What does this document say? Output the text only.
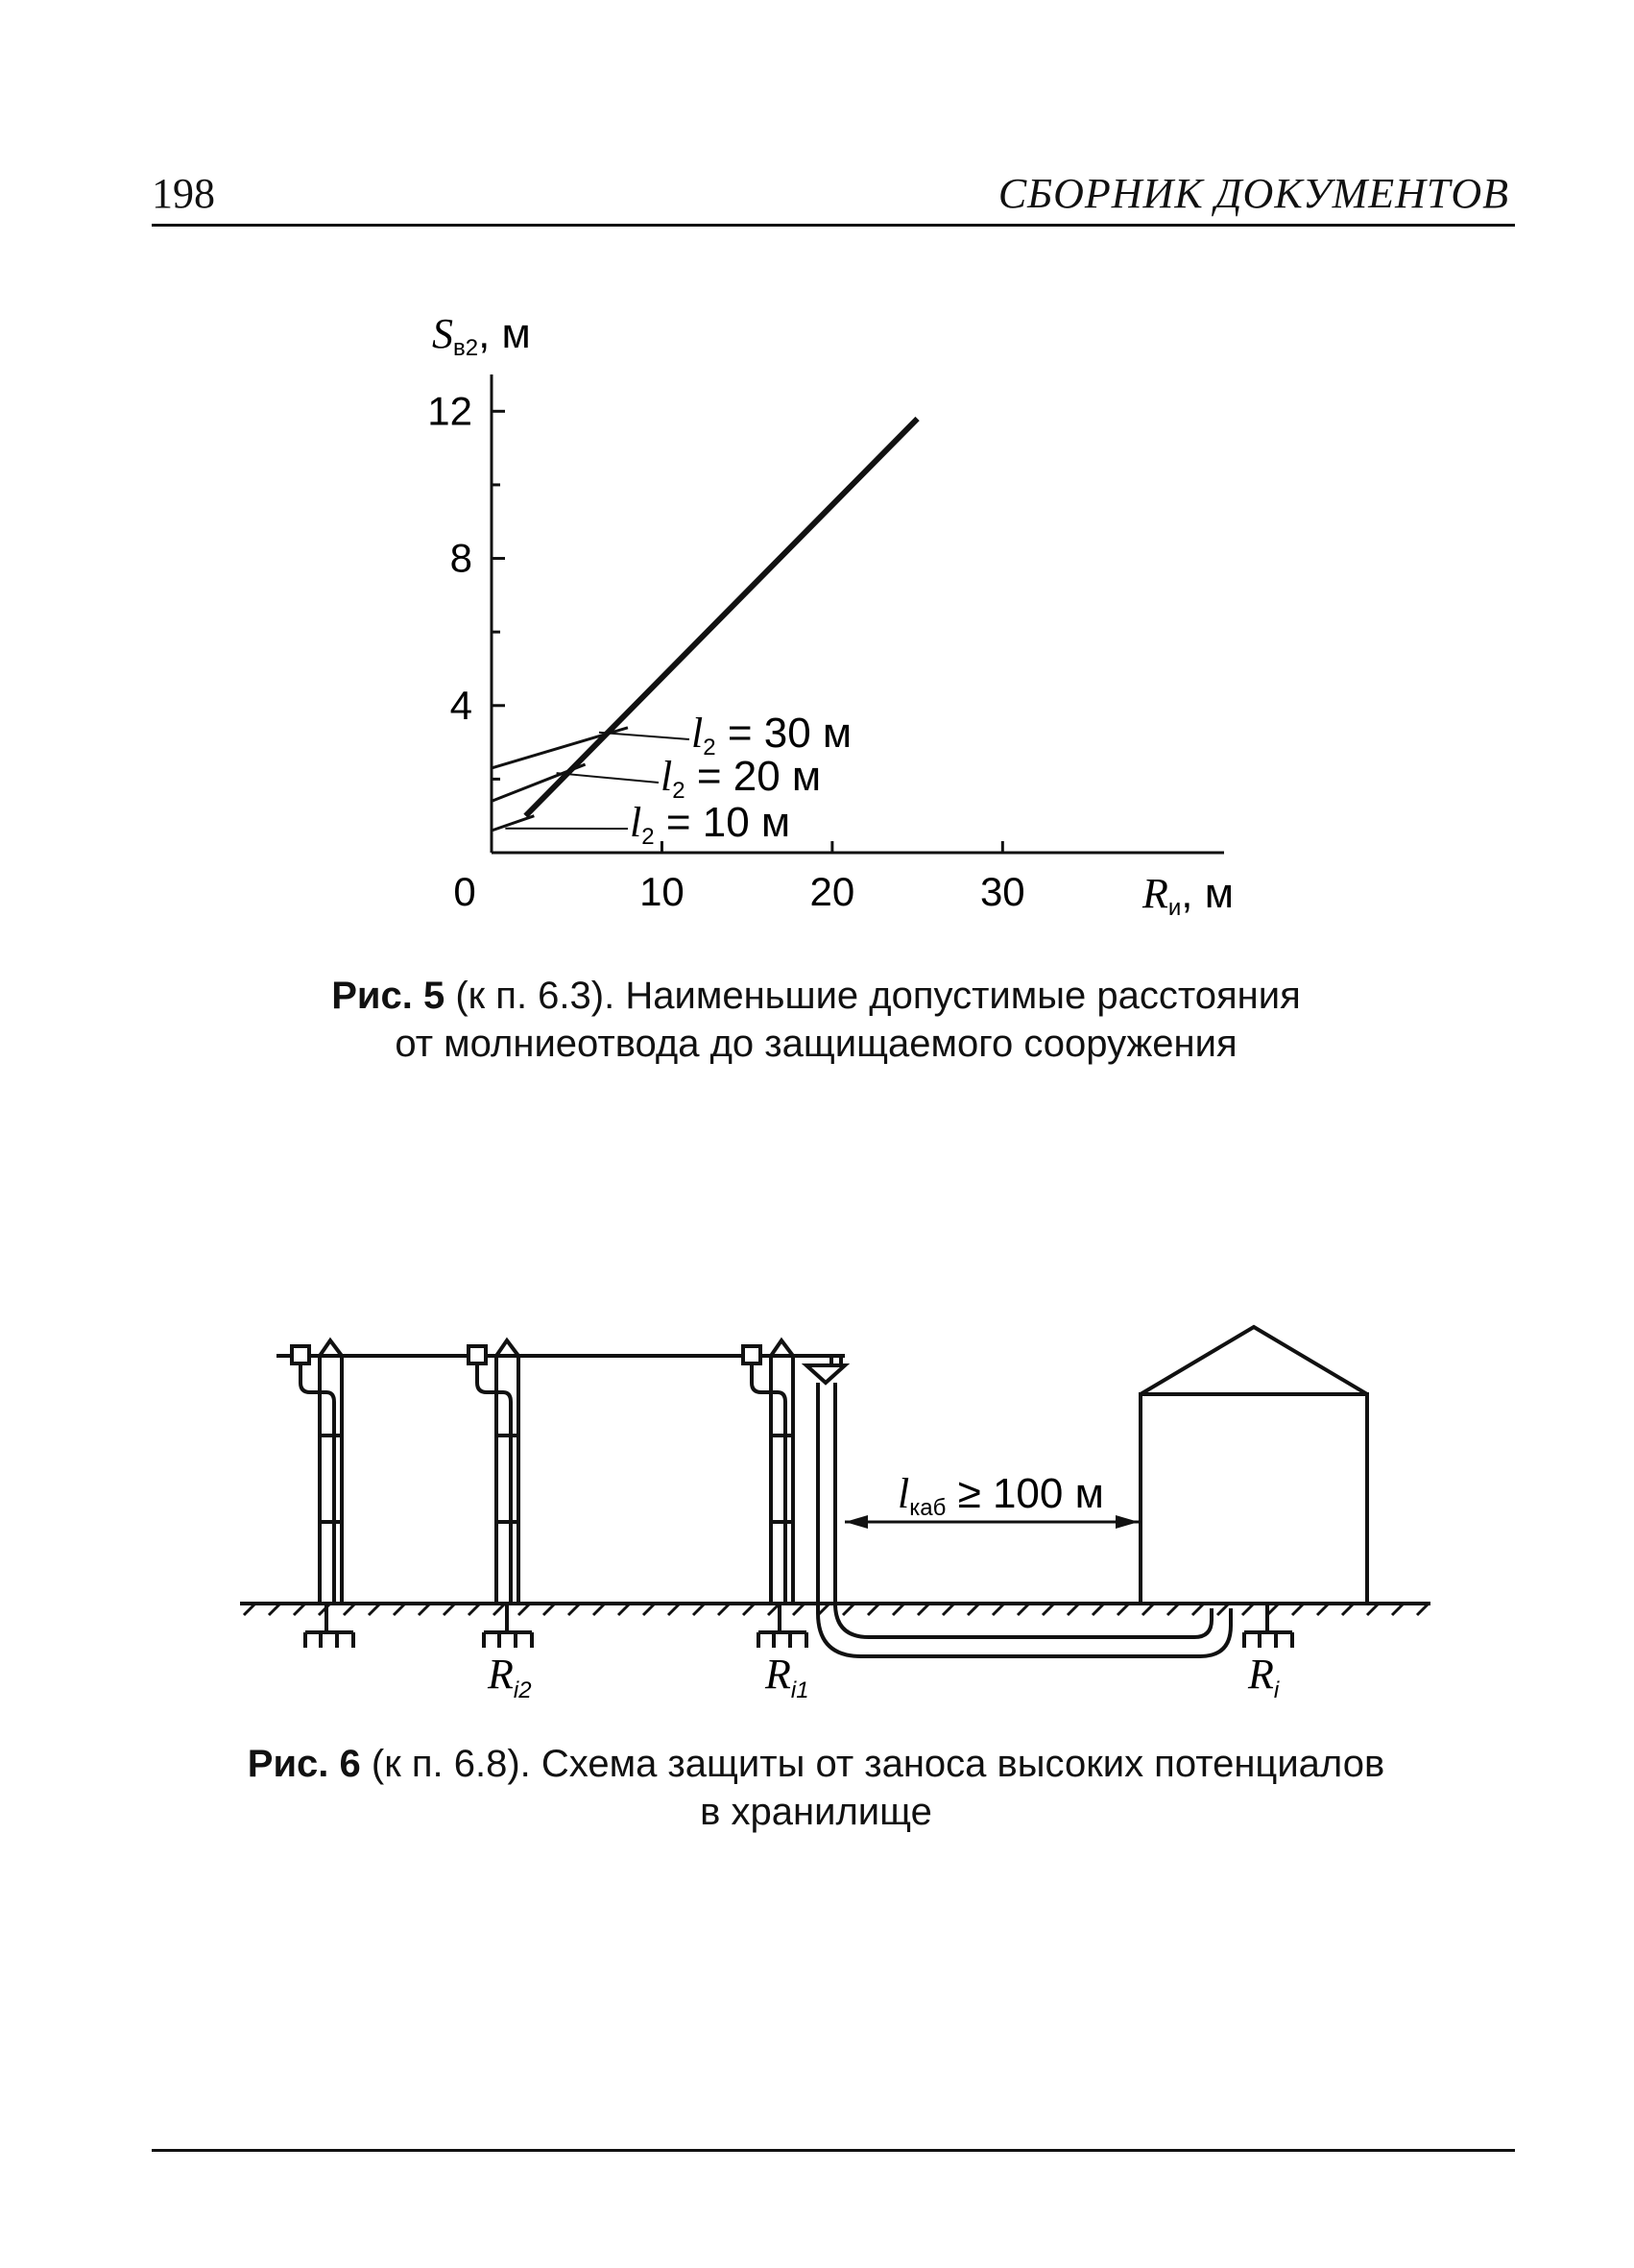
198	СБОРНИК ДОКУМЕНТОВ
4
8
12
0	10	20	30
Sв2, м
Rи, м
l2 = 30 м
l2 = 20 м
l2 = 10 м
Рис. 5 (к п. 6.3). Наименьшие допустимые расстояния
от молниеотвода до защищаемого сооружения
lкаб ≥ 100 м
$R_{i2}$	$R_{i1}$	$R_i$
Рис. 6 (к п. 6.8). Схема защиты от заноса высоких потенциалов
в хранилище
